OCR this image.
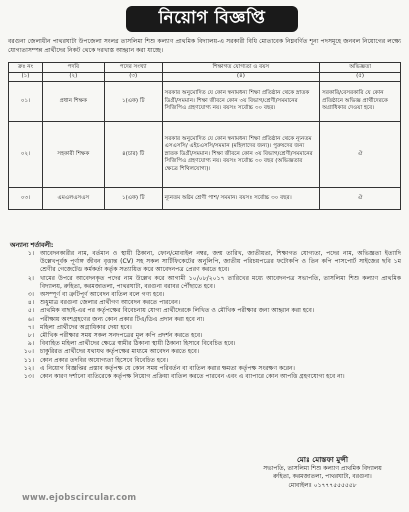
নিয়োগ বিজ্ঞপ্তি
বরগুনা জেলাধীন পাথরঘাটা উপজেলা সংলগ্ন তাসলিমা শিশু কল্যাণ প্রাথমিক বিদ্যালয়-এ সরকারী বিধি মোতাবেক নিম্নবর্ণিত শূন্য পদসমূহে জনবল নিয়োগের লক্ষ্যে যোগ্যতাসম্পন্ন প্রার্থীদের নিকট থেকে দরখাস্ত আহ্বান করা যাচ্ছে।
ক্রঃ নং	পদবি	পদের সংখ্যা	শিক্ষাগত যোগ্যতা ও বয়স	অভিজ্ঞতা
(১)	(২)	(৩)	(৪)	(৫)
০১।	প্রধান শিক্ষক	১(এক) টি	সরকার অনুমোদিত যে কোন স্বনামধন্য শিক্ষা প্রতিষ্ঠান থেকে স্নাতক ডিগ্রী/সমমান। শিক্ষা জীবনে কোন ৩য় বিভাগ/শ্রেণী/সমমানের সিজিপিএ গ্রহণযোগ্য নয়। বয়সঃ সর্বোচ্চ ৩০ বছর।	সরকারি/বেসরকারি যে কোন প্রতিষ্ঠানে অভিজ্ঞ প্রার্থীদেরকে অগ্রাধিকার দেওয়া হবে।
০২।	সহকারী শিক্ষক	৪(চার) টি	সরকার অনুমোদিত যে কোন স্বনামধন্য শিক্ষা প্রতিষ্ঠান থেকে ন্যূনতম এসএসসি/ এইচএসসি/সমমান (মহিলাদের জন্য)। পুরুষদের জন্য স্নাতক ডিগ্রী/সমমান। শিক্ষা জীবনে কোন ৩য় বিভাগ/শ্রেণী/সমমানের সিজিপিএ গ্রহণযোগ্য নয়। বয়সঃ সর্বোচ্চ ৩০ বছর (অভিজ্ঞতার ক্ষেত্রে শিথিলযোগ্য)।	ঐ
০৩।	এমএলএসএস	১(এক) টি	ন্যূনতম অষ্টম শ্রেণী পাশ/ সমমান। বয়সঃ সর্বোচ্চ ৩০ বছর।	ঐ
অন্যান্য শর্তাবলী:
১। আবেদনকারীর নাম, বর্তমান ও স্থায়ী ঠিকানা, ফোন/মোবাইল নম্বর, জন্ম তারিখ, জাতীয়তা, শিক্ষাগত যোগ্যতা, পদের নাম, অভিজ্ঞতা ইত্যাদি উল্লেখপূর্বক পূর্ণাঙ্গ জীবন বৃত্তান্ত (CV) সহ সকল সার্টিফিকেটের অনুলিপি, জাতীয় পরিচয়পত্রের ফটোকপি ও তিন কপি পাসপোর্ট সাইজের ছবি ১ম শ্রেণীর গেজেটেড কর্মকর্তা কর্তৃক সত্যায়িত করে আবেদনপত্র প্রেরণ করতে হবে।
২। খামের উপরে আবেদনকৃত পদের নাম উল্লেখ করে আগামী ১০/০৮/২০১৭ তারিখের মধ্যে আবেদনপত্র সভাপতি, তাসলিমা শিশু কল্যাণ প্রাথমিক বিদ্যালয়, রুহিতা, করমজাতলা, পাথরঘাটা, বরগুনা বরাবর পৌঁছাতে হবে।
৩। অসম্পূর্ণ বা ত্রুটিপূর্ণ আবেদন বাতিল বলে গণ্য হবে।
৪। শুধুমাত্র বরগুনা জেলার প্রার্থীগণ আবেদন করতে পারবেন।
৫। প্রাথমিক বাছাই-এর পর কর্তৃপক্ষের বিবেচনায় যোগ্য প্রার্থীদেরকে লিখিত ও মৌখিক পরীক্ষার জন্য আহ্বান করা হবে।
৬। পরীক্ষায় অংশগ্রহণের জন্য কোন প্রকার টিএ/ডিএ প্রদান করা হবে না।
৭। মহিলা প্রার্থীদের অগ্রাধিকার দেয়া হবে।
৮। মৌখিক পরীক্ষার সময় সকল সনদপত্রের মূল কপি প্রদর্শন করতে হবে।
৯। বিবাহিত মহিলা প্রার্থীদের ক্ষেত্রে স্বামীর ঠিকানা স্থায়ী ঠিকানা হিসাবে বিবেচিত হবে।
১০। চাকুরিরত প্রার্থীদের যথাযথ কর্তৃপক্ষের মাধ্যমে আবেদন করতে হবে।
১১। কোন প্রকার তদবির অযোগ্যতা হিসেবে বিবেচিত হবে।
১২। এ নিয়োগ বিজ্ঞপ্তির প্রস্তাব কর্তৃপক্ষ যে কোন সময় পরিবর্তন বা বাতিল করার ক্ষমতা কর্তৃপক্ষ সংরক্ষণ করেন।
১৩। কোন কারণ দর্শানো ব্যতিরেকে কর্তৃপক্ষ নিয়োগ প্রক্রিয়া বাতিল করতে পারবেন এবং এ ব্যাপারে কোন আপত্তি গ্রহণযোগ্য হবে না।
মোঃ মোস্তফা মুন্সী
সভাপতি, তাসলিমা শিশু কল্যাণ প্রাথমিক বিদ্যালয়
রুহিতা, করমজাতলা, পাথরঘাটা, বরগুনা।
মোবাইলঃ ০১৭৭৭৫৫৫৫৫৮
www.ejobscircular.com
